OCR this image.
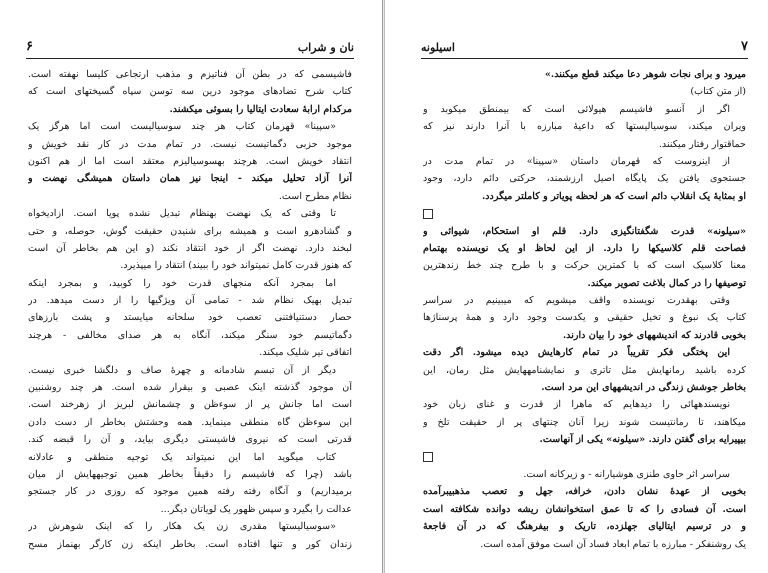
نان و شراب
۶
فاشیسمی که در بطن آن فناتیزم و مذهب ارتجاعی کلیسا نهفته است.
کتاب شرح تضادهای موجود درین سه توسن سپاه گسیختهای است که
مرکدام ارابهٔ سعادت ایتالیا را بسوئی میکشند.
«سپینا» قهرمان کتاب هر چند سوسیالیست است اما هرگز یک
موجود حزبی دگماتیست نیست. در تمام مدت در کار نقد خویش و
انتقاد خویش است. هرچند بهسوسیالیزم معتقد است اما از هم اکنون
آنرا آزاد تحلیل میکند - اینجا نیز همان داستان همیشگی نهضت و
نظام مطرح است.
تا وقتی که یک نهضت بهنظام تبدیل نشده پویا است. ازادیخواه
و گشادهرو است و همیشه برای شنیدن حقیقت گوش، حوصله، و حتی
لبخند دارد. نهضت اگر از خود انتقاد نکند (و این هم بخاطر آن است
که هنوز قدرت کامل نمیتواند خود را ببیند) انتقاد را میپذیرد.
اما بمجرد آنکه منجهای قدرت خود را کوبید، و بمجرد اینکه
تبدیل بهیک نظام شد - تمامی آن ویژگیها را از دست میدهد. در
حصار دستنیافتنی تعصب خود سلحانه میایستد و پشت بارزهای
دگماتیسم خود سنگر میکند، آنگاه به هر صدای مخالفی - هرچند
اتفاقی تیر شلیک میکند.
دیگر از آن تبسم شادمانه و چهرهٔ صاف و دلگشا خبری نیست.
آن موجود گذشته اینک عصبی و بیقرار شده است. هر چند روشنبین
است اما جانش پر از سوءظن و چشمانش لبریز از زهرخند است.
این سوءظن گاه منطقی مینماید. همه وحشتش بخاطر از دست دادن
قدرتی است که نیروی فاشیستی دیگری بیاید، و آن را قبضه کند.
کتاب میگوید اما این نمیتواند یک توجیه منطقی و عادلانه
باشد (چرا که فاشیسم را دقیقاً بخاطر همین توجیههایش از میان
برمیداریم) و آنگاه رفته رفته همین موجود که روزی در کار جستجو
عدالت را بگیرد و سپس ظهور یک لویاتان دیگر...
«سوسیالیستها مقدری زن یک هکار را که اینک شوهرش در
زندان کور و تنها افتاده است. بخاطر اینکه زن کارگر بهنماز مسح
۷
اسیلونه
میرود و برای نجات شوهر دعا میکند قطع میکنند.»
(از متن کتاب)
اگر از آنسو فاشیسم هیولائی است که بیمنطق میکوبد و
ویران میکند، سوسیالیستها که داعیهٔ مبارزه با آنرا دارند نیز که
حماقتوار رفتار میکنند.
از اینروست که قهرمان داستان «سپینا» در تمام مدت در
جستجوی یافتن یک پایگاه اصیل ارزشمند، حرکتی دائم دارد، وجود
او بمثابهٔ یک انقلاب دائم است که هر لحظه پویاتر و کاملتر میگردد.
«سیلونه» قدرت شگفتانگیزی دارد. قلم او استحکام، شیوائی و
فصاحت قلم کلاسیکها را دارد. از این لحاظ او یک نویسنده بهتمام
معنا کلاسیک است که با کمترین حرکت و با طرح چند خط زندهترین
توصیفها را در کمال بلاغت تصویر میکند.
وقتی بهقدرت نویسنده واقف میشویم که میبینیم در سراسر
کتاب یک نبوغ و تخیل حقیقی و یکدست وجود دارد و همهٔ پرسناژها
بخوبی قادرند که اندیشههای خود را بیان دارند.
این پختگی فکر تقریباً در تمام کارهایش دیده میشود. اگر دقت
کرده باشید رمانهایش مثل تاتری و نمایشنامههایش مثل رمان، این
بخاطر جوشش زندگی در اندیشههای این مرد است.
نویسندههائی را دیدهایم که ماهرا از قدرت و غنای زبان خود
میکاهند، تا رمانتیست شوند زیرا آنان چنتهای پر از حقیقت تلخ و
بیپیرایه برای گفتن دارند. «سیلونه» یکی از آنهاست.
سراسر اثر حاوی طنزی هوشیارانه - و زیرکانه است.
بخوبی از عهدهٔ نشان دادن، خرافه، جهل و تعصب مذهبیبرآمده
است. آن فسادی را که تا عمق استخوانشان ریشه دوانده شکافته است
و در ترسیم ایتالیای جهلزده، تاریک و بیفرهنگ که در آن فاجعهٔ
یک روشنفکر - مبارزه با تمام ابعاد فساد آن است موفق آمده است.
